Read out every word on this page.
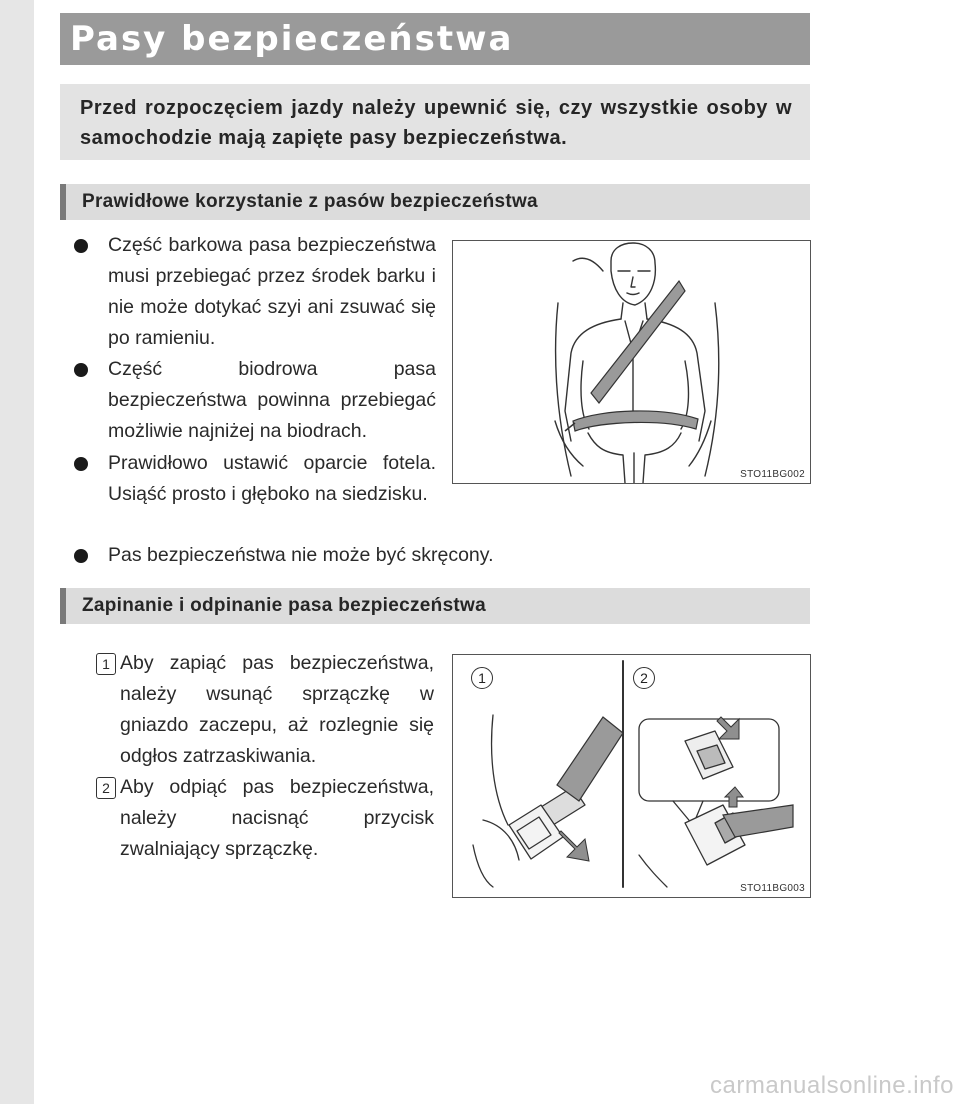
Pasy bezpieczeństwa

Przed rozpoczęciem jazdy należy upewnić się, czy wszystkie osoby w samochodzie mają zapięte pasy bezpieczeństwa.

Prawidłowe korzystanie z pasów bezpieczeństwa
Część barkowa pasa bezpieczeństwa musi przebiegać przez środek barku i nie może dotykać szyi ani zsuwać się po ramieniu.
Część biodrowa pasa bezpieczeństwa powinna przebiegać możliwie najniżej na biodrach.
Prawidłowo ustawić oparcie fotela. Usiąść prosto i głęboko na siedzisku.
Pas bezpieczeństwa nie może być skręcony.
STO11BG002
Zapinanie i odpinanie pasa bezpieczeństwa
1 Aby zapiąć pas bezpieczeństwa, należy wsunąć sprzączkę w gniazdo zaczepu, aż rozlegnie się odgłos zatrzaskiwania.
2 Aby odpiąć pas bezpieczeństwa, należy nacisnąć przycisk zwalniający sprzączkę.
1	2
STO11BG003
carmanualsonline.info
